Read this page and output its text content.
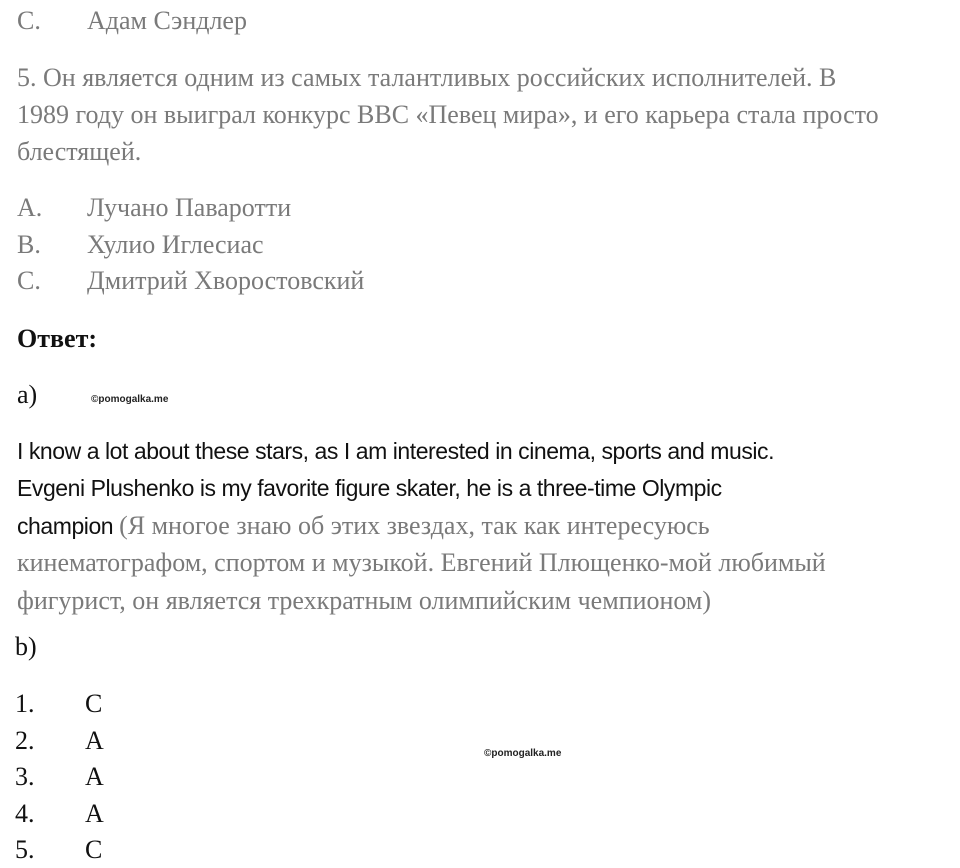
C. Адам Сэндлер
5. Он является одним из самых талантливых российских исполнителей. В
1989 году он выиграл конкурс BBC «Певец мира», и его карьера стала просто
блестящей.
A. Лучано Паваротти
B. Хулио Иглесиас
C. Дмитрий Хворостовский
Ответ:
a)	©pomogalka.me
I know a lot about these stars, as I am interested in cinema, sports and music.
Evgeni Plushenko is my favorite figure skater, he is a three-time Olympic
champion (Я многое знаю об этих звездах, так как интересуюсь
кинематографом, спортом и музыкой. Евгений Плющенко-мой любимый
фигурист, он является трехкратным олимпийским чемпионом)
b)
1. C
2. A
3. A
4. A
5. C
©pomogalka.me
